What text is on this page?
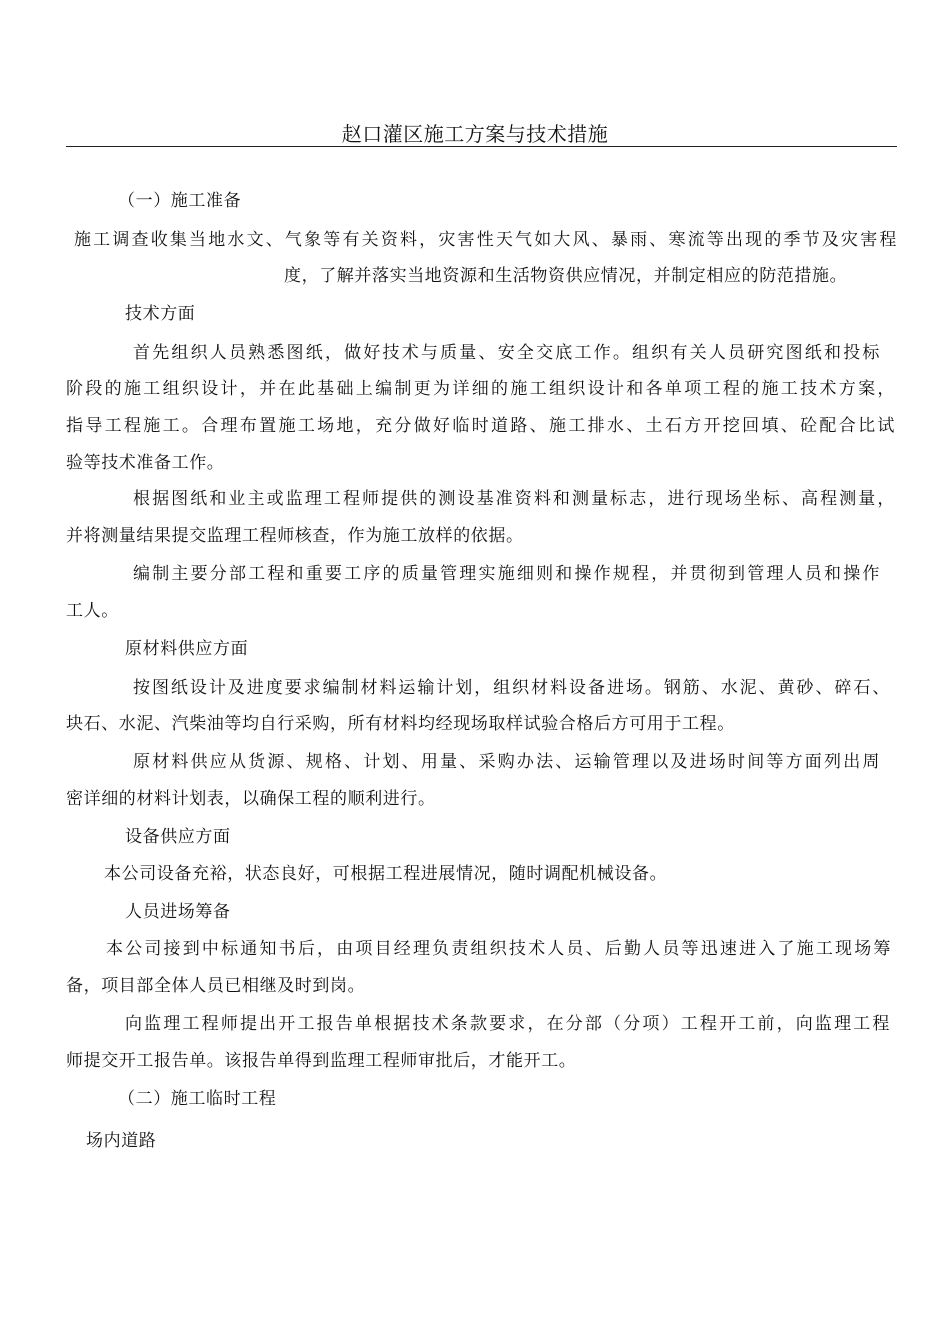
赵口灌区施工方案与技术措施
（一）施工准备
施工调查收集当地水文、气象等有关资料，灾害性天气如大风、暴雨、寒流等出现的季节及灾害程
度，了解并落实当地资源和生活物资供应情况，并制定相应的防范措施。
技术方面
首先组织人员熟悉图纸，做好技术与质量、安全交底工作。组织有关人员研究图纸和投标
阶段的施工组织设计，并在此基础上编制更为详细的施工组织设计和各单项工程的施工技术方案，
指导工程施工。合理布置施工场地，充分做好临时道路、施工排水、土石方开挖回填、砼配合比试
验等技术准备工作。
根据图纸和业主或监理工程师提供的测设基准资料和测量标志，进行现场坐标、高程测量，
并将测量结果提交监理工程师核查，作为施工放样的依据。
编制主要分部工程和重要工序的质量管理实施细则和操作规程，并贯彻到管理人员和操作
工人。
原材料供应方面
按图纸设计及进度要求编制材料运输计划，组织材料设备进场。钢筋、水泥、黄砂、碎石、
块石、水泥、汽柴油等均自行采购，所有材料均经现场取样试验合格后方可用于工程。
原材料供应从货源、规格、计划、用量、采购办法、运输管理以及进场时间等方面列出周
密详细的材料计划表，以确保工程的顺利进行。
设备供应方面
本公司设备充裕，状态良好，可根据工程进展情况，随时调配机械设备。
人员进场筹备
本公司接到中标通知书后，由项目经理负责组织技术人员、后勤人员等迅速进入了施工现场筹
备，项目部全体人员已相继及时到岗。
向监理工程师提出开工报告单根据技术条款要求，在分部（分项）工程开工前，向监理工程
师提交开工报告单。该报告单得到监理工程师审批后，才能开工。
（二）施工临时工程
场内道路
